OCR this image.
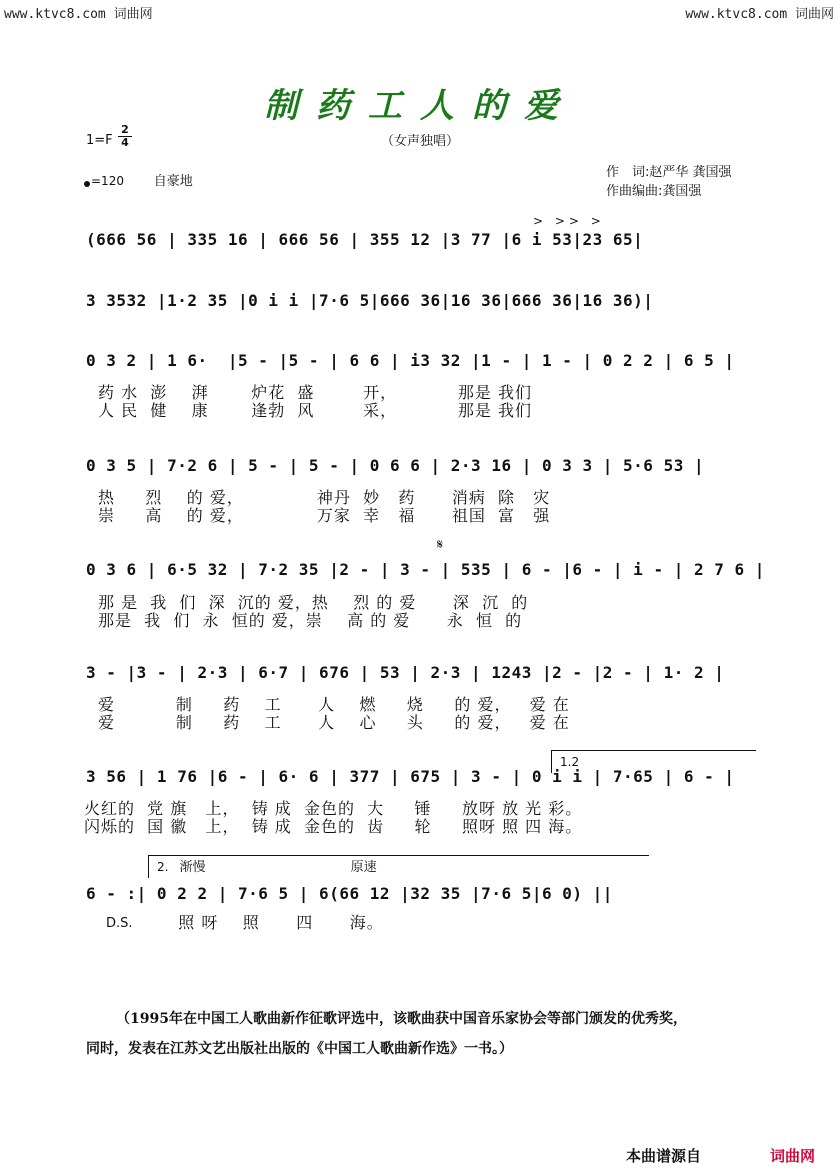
www.ktvc8.com 词曲网	www.ktvc8.com 词曲网
制药工人的爱
（女声独唱）
1=F
2
4
=120 自豪地
作　词:赵严华 龚国强
作曲编曲:龚国强
> >> >
(666 56 | 335 16 | 666 56 | 355 12 |3 77 |6 i 53|23 65|
3 3532 |1·2 35 |0 i i |7·6 5|666 36|16 36|666 36|16 36)|
0 3 2 | 1 6·  |5 - |5 - | 6 6 | i3 32 |1 - | 1 - | 0 2 2 | 6 5 |
药 水  澎    湃       炉花  盛        开，          那是 我们
人 民  健    康       逢勃  风        采，          那是 我们
0 3 5 | 7·2 6 | 5 - | 5 - | 0 6 6 | 2·3 16 | 0 3 3 | 5·6 53 |
热     烈    的 爱，            神丹  妙   药      消病  除   灾
崇     高    的 爱，            万家  幸   福      祖国  富   强
𝄋
0 3 6 | 6·5 32 | 7·2 35 |2 - | 3 - | 535 | 6 - |6 - | i - | 2 7 6 |
那 是  我  们  深  沉的 爱，热    烈 的 爱      深  沉  的
那是  我  们  永  恒的 爱，崇    高 的 爱      永  恒  的
3 - |3 - | 2·3 | 6·7 | 676 | 53 | 2·3 | 1243 |2 - |2 - | 1· 2 |
爱          制     药    工      人    燃     烧     的 爱，   爱 在
爱          制     药    工      人    心     头     的 爱，   爱 在
1.2
3 56 | 1 76 |6 - | 6· 6 | 377 | 675 | 3 - | 0 i i | 7·65 | 6 - |
火红的  党 旗   上，  铸 成  金色的  大     锤     放呀 放 光 彩。
闪烁的  国 徽   上，  铸 成  金色的  齿     轮     照呀 照 四 海。
2. 渐慢	原速
6 - :| 0 2 2 | 7·6 5 | 6(66 12 |32 35 |7·6 5|6 0) ||
D.S. 照 呀    照      四      海。
（1995年在中国工人歌曲新作征歌评选中，该歌曲获中国音乐家协会等部门颁发的优秀奖，
同时，发表在江苏文艺出版社出版的《中国工人歌曲新作选》一书。）
本曲谱源自	词曲网
